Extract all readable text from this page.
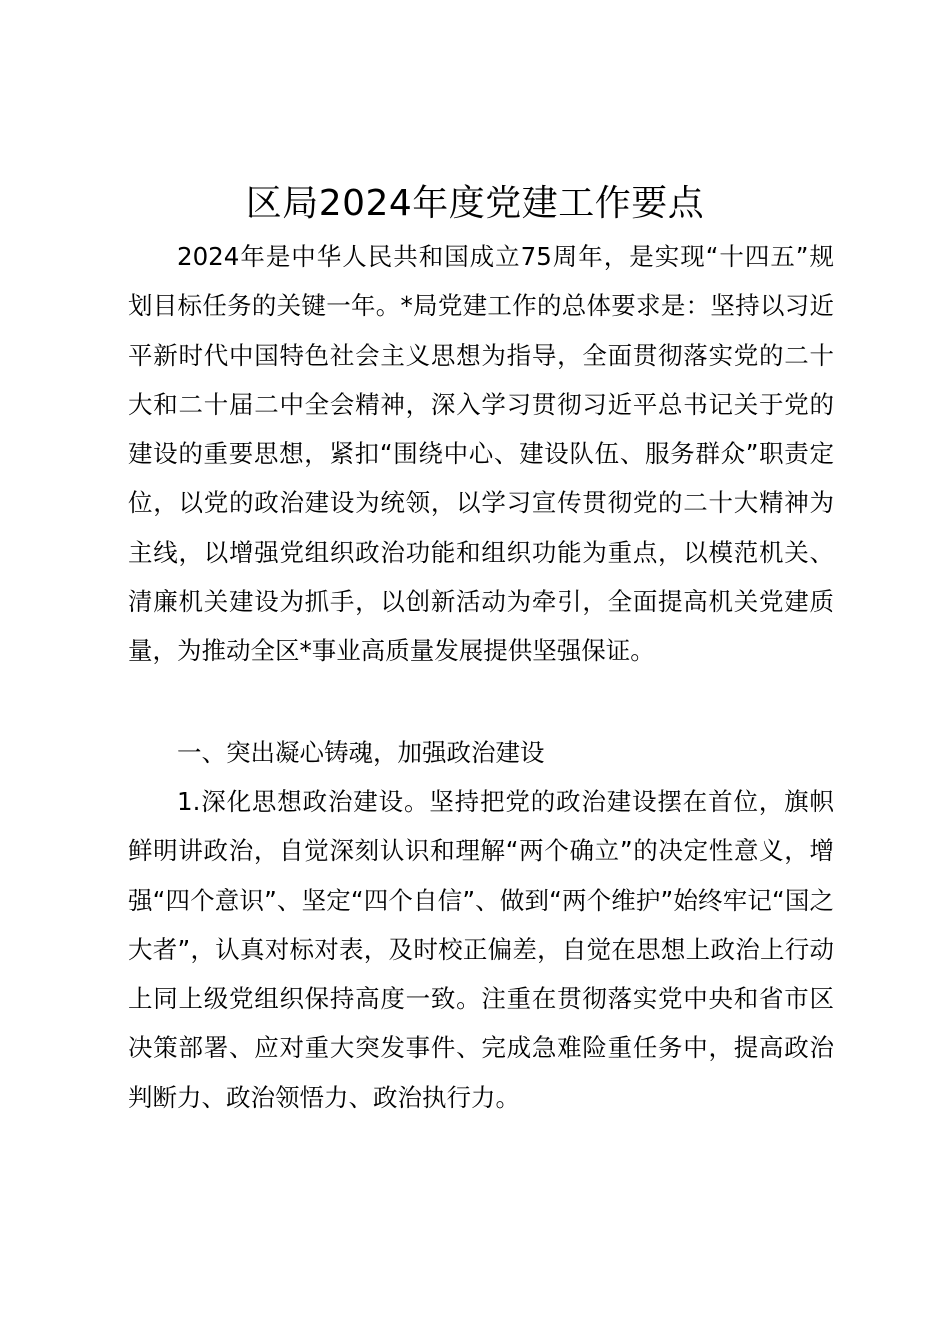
区局2024年度党建工作要点

2024年是中华人民共和国成立75周年，是实现“十四五”规划目标任务的关键一年。*局党建工作的总体要求是：坚持以习近平新时代中国特色社会主义思想为指导，全面贯彻落实党的二十大和二十届二中全会精神，深入学习贯彻习近平总书记关于党的建设的重要思想，紧扣“围绕中心、建设队伍、服务群众”职责定位，以党的政治建设为统领，以学习宣传贯彻党的二十大精神为主线，以增强党组织政治功能和组织功能为重点，以模范机关、清廉机关建设为抓手，以创新活动为牵引，全面提高机关党建质量，为推动全区*事业高质量发展提供坚强保证。

一、突出凝心铸魂，加强政治建设

1.深化思想政治建设。坚持把党的政治建设摆在首位，旗帜鲜明讲政治，自觉深刻认识和理解“两个确立”的决定性意义，增强“四个意识”、坚定“四个自信”、做到“两个维护”始终牢记“国之大者”，认真对标对表，及时校正偏差，自觉在思想上政治上行动上同上级党组织保持高度一致。注重在贯彻落实党中央和省市区决策部署、应对重大突发事件、完成急难险重任务中，提高政治判断力、政治领悟力、政治执行力。
